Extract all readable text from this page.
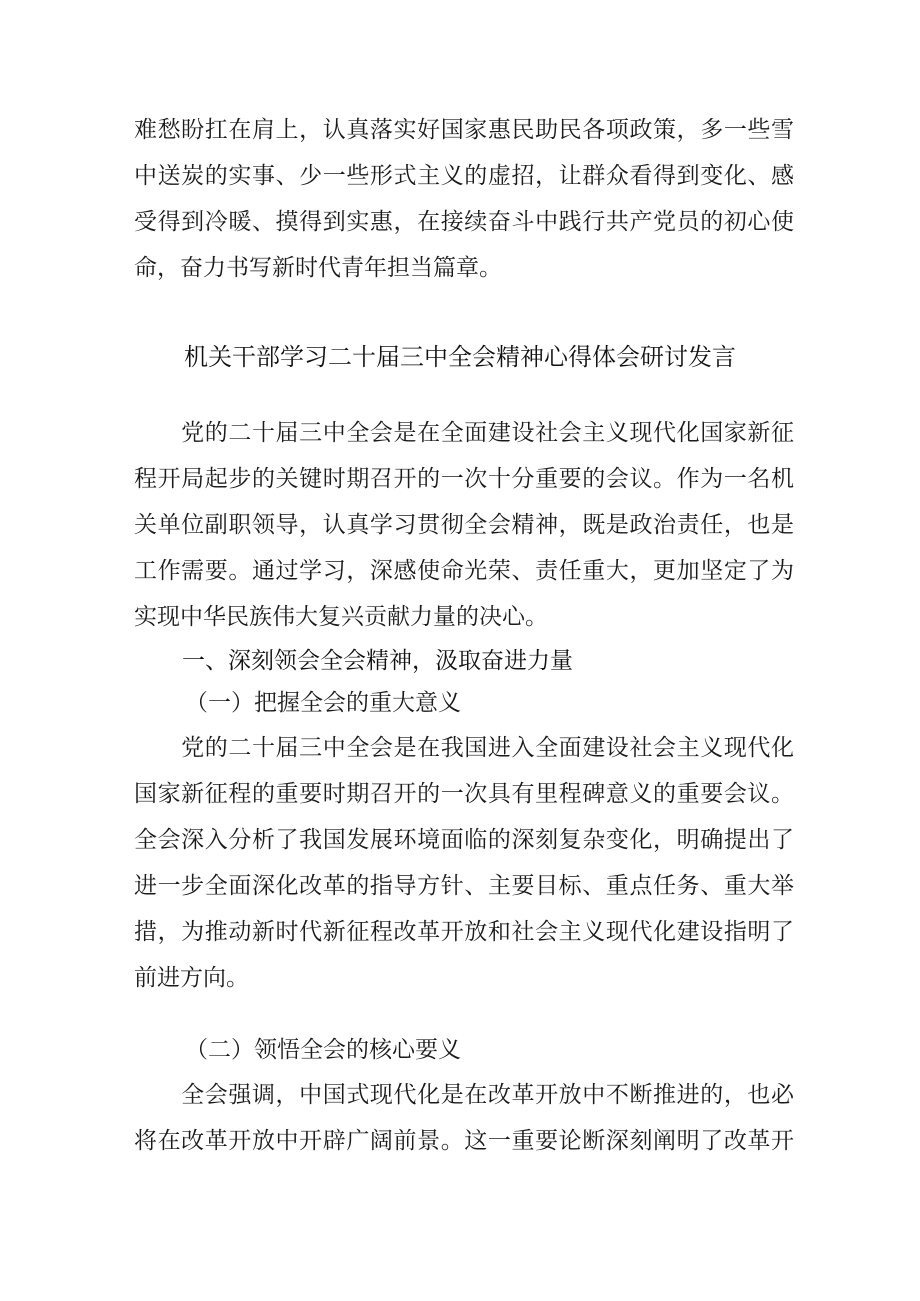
难愁盼扛在肩上，认真落实好国家惠民助民各项政策，多一些雪
中送炭的实事、少一些形式主义的虚招，让群众看得到变化、感
受得到冷暖、摸得到实惠，在接续奋斗中践行共产党员的初心使
命，奋力书写新时代青年担当篇章。
机关干部学习二十届三中全会精神心得体会研讨发言
　　党的二十届三中全会是在全面建设社会主义现代化国家新征
程开局起步的关键时期召开的一次十分重要的会议。作为一名机
关单位副职领导，认真学习贯彻全会精神，既是政治责任，也是
工作需要。通过学习，深感使命光荣、责任重大，更加坚定了为
实现中华民族伟大复兴贡献力量的决心。
一、深刻领会全会精神，汲取奋进力量
（一）把握全会的重大意义
　　党的二十届三中全会是在我国进入全面建设社会主义现代化
国家新征程的重要时期召开的一次具有里程碑意义的重要会议。
全会深入分析了我国发展环境面临的深刻复杂变化，明确提出了
进一步全面深化改革的指导方针、主要目标、重点任务、重大举
措，为推动新时代新征程改革开放和社会主义现代化建设指明了
前进方向。
（二）领悟全会的核心要义
　　全会强调，中国式现代化是在改革开放中不断推进的，也必
将在改革开放中开辟广阔前景。这一重要论断深刻阐明了改革开
